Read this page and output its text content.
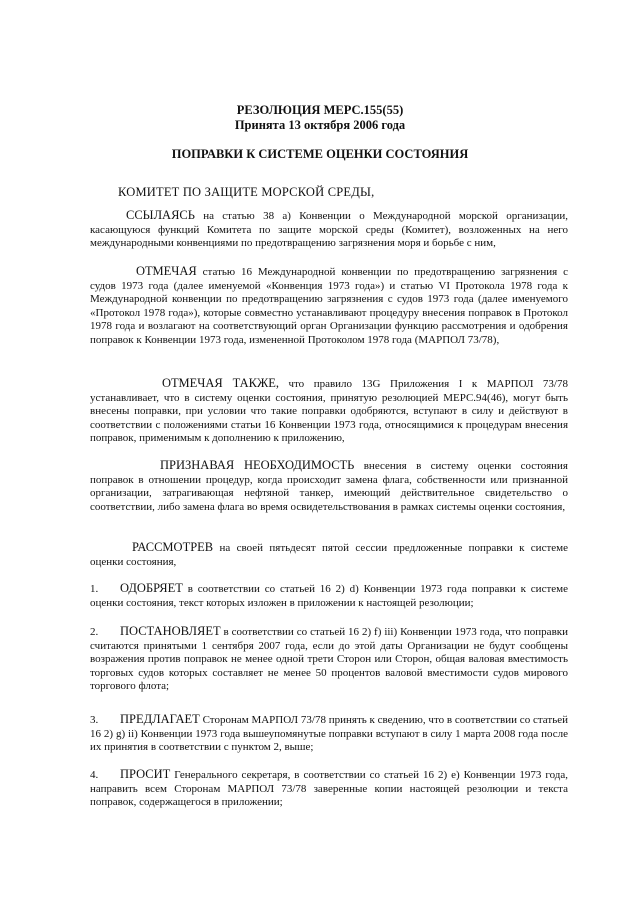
РЕЗОЛЮЦИЯ МЕРС.155(55)
Принята 13 октября 2006 года
ПОПРАВКИ К СИСТЕМЕ ОЦЕНКИ СОСТОЯНИЯ
КОМИТЕТ ПО ЗАЩИТЕ МОРСКОЙ СРЕДЫ,
ССЫЛАЯСЬ на статью 38 а) Конвенции о Международной морской организации, касающуюся функций Комитета по защите морской среды (Комитет), возложенных на него международными конвенциями по предотвращению загрязнения моря и борьбе с ним,
ОТМЕЧАЯ статью 16 Международной конвенции по предотвращению загрязнения с судов 1973 года (далее именуемой «Конвенция 1973 года») и статью VI Протокола 1978 года к Международной конвенции по предотвращению загрязнения с судов 1973 года (далее именуемого «Протокол 1978 года»), которые совместно устанавливают процедуру внесения поправок в Протокол 1978 года и возлагают на соответствующий орган Организации функцию рассмотрения и одобрения поправок к Конвенции 1973 года, измененной Протоколом 1978 года (МАРПОЛ 73/78),
ОТМЕЧАЯ ТАКЖЕ, что правило 13G Приложения I к МАРПОЛ 73/78 устанавливает, что в систему оценки состояния, принятую резолюцией МЕРС.94(46), могут быть внесены поправки, при условии что такие поправки одобряются, вступают в силу и действуют в соответствии с положениями статьи 16 Конвенции 1973 года, относящимися к процедурам внесения поправок, применимым к дополнению к приложению,
ПРИЗНАВАЯ НЕОБХОДИМОСТЬ внесения в систему оценки состояния поправок в отношении процедур, когда происходит замена флага, собственности или признанной организации, затрагивающая нефтяной танкер, имеющий действительное свидетельство о соответствии, либо замена флага во время освидетельствования в рамках системы оценки состояния,
РАССМОТРЕВ на своей пятьдесят пятой сессии предложенные поправки к системе оценки состояния,
1. ОДОБРЯЕТ в соответствии со статьей 16 2) d) Конвенции 1973 года поправки к системе оценки состояния, текст которых изложен в приложении к настоящей резолюции;
2. ПОСТАНОВЛЯЕТ в соответствии со статьей 16 2) f) iii) Конвенции 1973 года, что поправки считаются принятыми 1 сентября 2007 года, если до этой даты Организации не будут сообщены возражения против поправок не менее одной трети Сторон или Сторон, общая валовая вместимость торговых судов которых составляет не менее 50 процентов валовой вместимости судов мирового торгового флота;
3. ПРЕДЛАГАЕТ Сторонам МАРПОЛ 73/78 принять к сведению, что в соответствии со статьей 16 2) g) ii) Конвенции 1973 года вышеупомянутые поправки вступают в силу 1 марта 2008 года после их принятия в соответствии с пунктом 2, выше;
4. ПРОСИТ Генерального секретаря, в соответствии со статьей 16 2) е) Конвенции 1973 года, направить всем Сторонам МАРПОЛ 73/78 заверенные копии настоящей резолюции и текста поправок, содержащегося в приложении;
